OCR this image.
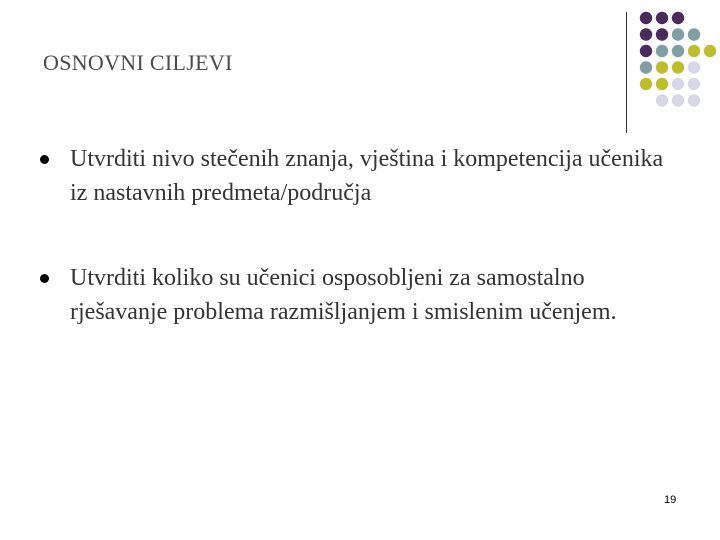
OSNOVNI CILJEVI
Utvrditi nivo stečenih znanja, vještina i kompetencija učenika iz nastavnih predmeta/područja
Utvrditi koliko su učenici osposobljeni za samostalno rješavanje problema razmišljanjem i smislenim učenjem.
19
